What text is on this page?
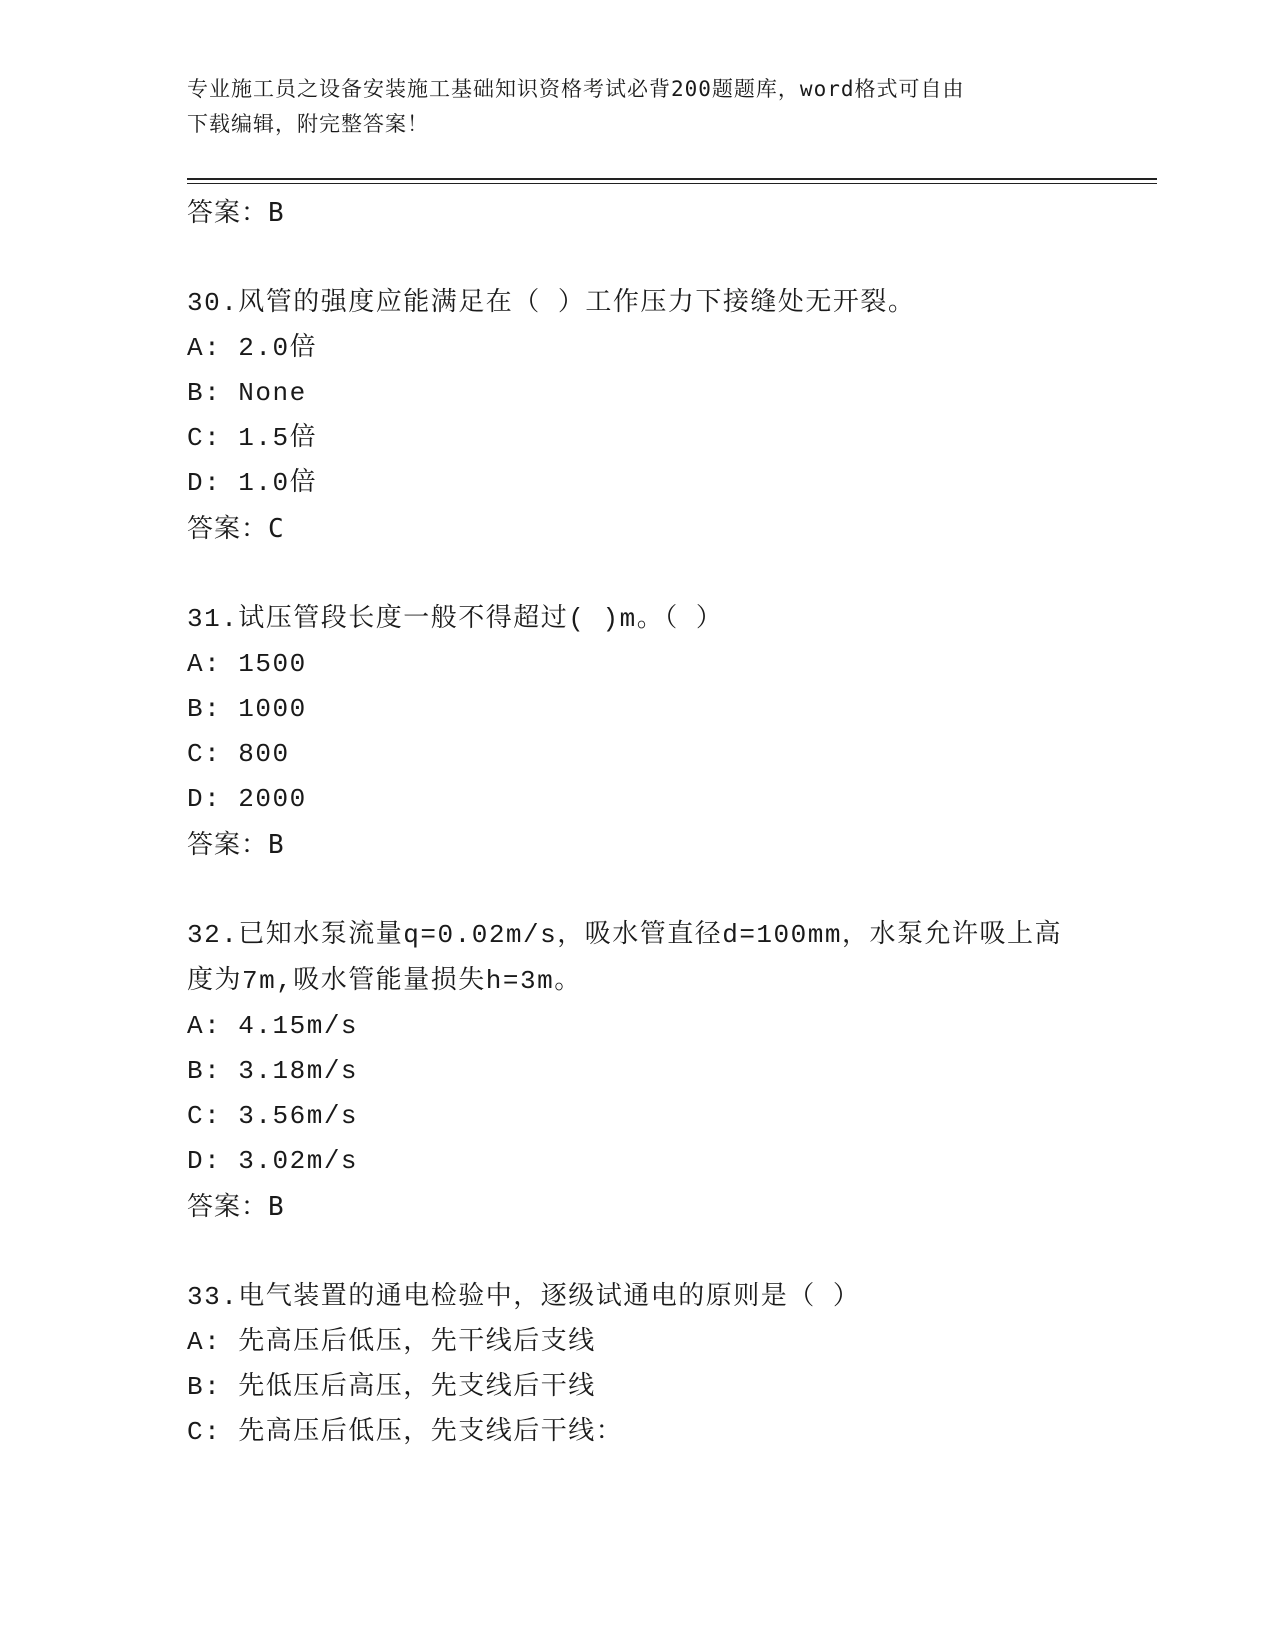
专业施工员之设备安装施工基础知识资格考试必背200题题库，word格式可自由
下载编辑，附完整答案！
答案：B
30.风管的强度应能满足在（ ）工作压力下接缝处无开裂。
A: 2.0倍
B: None
C: 1.5倍
D: 1.0倍
答案：C
31.试压管段长度一般不得超过( )m。（ ）
A: 1500
B: 1000
C: 800
D: 2000
答案：B
32.已知水泵流量q=0.02m/s，吸水管直径d=100mm，水泵允许吸上高度为7m,吸水管能量损失h=3m。
A: 4.15m/s
B: 3.18m/s
C: 3.56m/s
D: 3.02m/s
答案：B
33.电气装置的通电检验中，逐级试通电的原则是（ ）
A: 先高压后低压，先干线后支线
B: 先低压后高压，先支线后干线
C: 先高压后低压，先支线后干线：
